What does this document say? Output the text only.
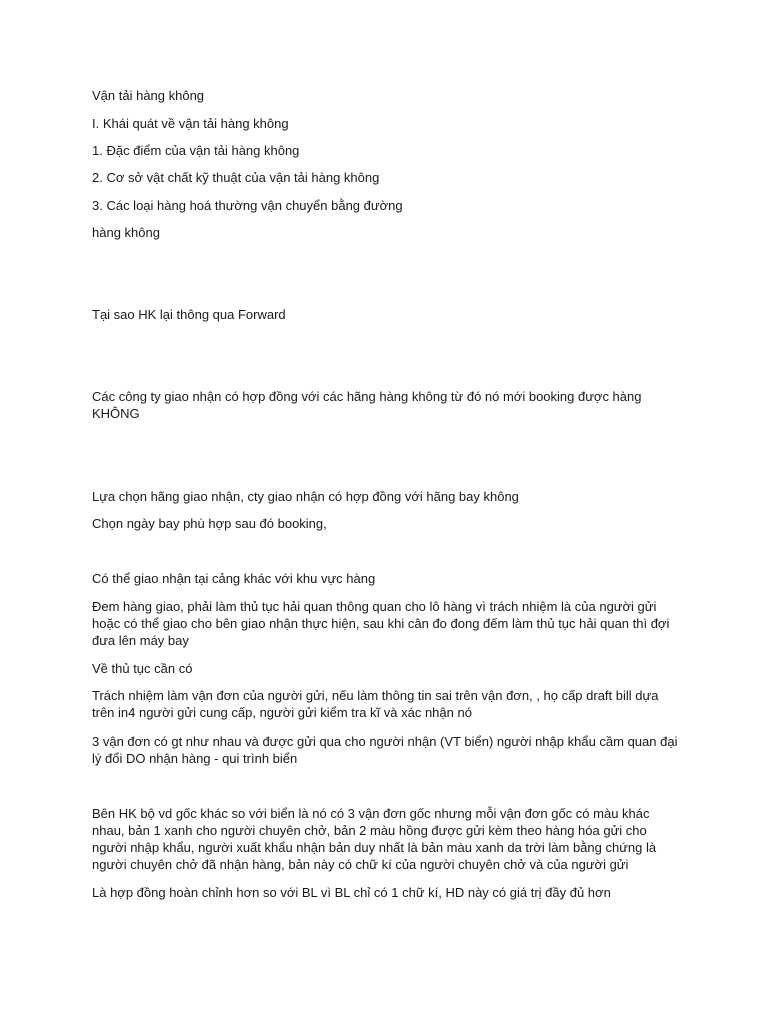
Vận tải hàng không

I. Khái quát về vận tải hàng không

1. Đặc điểm của vận tải hàng không

2. Cơ sở vật chất kỹ thuật của vận tải hàng không

3. Các loại hàng hoá thường vận chuyển bằng đường

hàng không

Tại sao HK lại thông qua Forward

Các công ty giao nhận có hợp đồng với các hãng hàng không từ đó nó mới booking được hàng KHÔNG

Lựa chọn hãng giao nhận, cty giao nhận có hợp đồng với hãng bay không

Chọn ngày bay phù hợp sau đó booking,

Có thể giao nhận tại cảng khác với khu vực hàng

Đem hàng giao, phải làm thủ tục hải quan thông quan cho lô hàng vì trách nhiệm là của người gửi hoặc có thể giao cho bên giao nhận thực hiện, sau khi cân đo đong đếm làm thủ tục hải quan thì đợi đưa lên máy bay

Về thủ tục cần có

Trách nhiệm làm vận đơn của người gửi, nếu làm thông tin sai trên vận đơn, , họ cấp draft bill dựa trên in4 người gửi cung cấp, người gửi kiểm tra kĩ và xác nhận nó

3 vận đơn có gt như nhau và được gửi qua cho người nhận (VT biển) người nhập khẩu cầm quan đại lý đổi DO nhận hàng - qui trình biển

Bên HK bộ vd gốc khác so với biển là nó có 3 vận đơn gốc nhưng mỗi vận đơn gốc có màu khác nhau, bản 1 xanh cho người chuyên chở, bản 2 màu hồng được gửi kèm theo hàng hóa gửi cho người nhập khẩu, người xuất khẩu nhận bản duy nhất là bản màu xanh da trời làm bằng chứng là người chuyên chở đã nhận hàng, bản này có chữ kí của người chuyên chở và của người gửi

Là hợp đồng hoàn chỉnh hơn so với BL vì BL chỉ có 1 chữ kí, HD này có giá trị đầy đủ hơn
